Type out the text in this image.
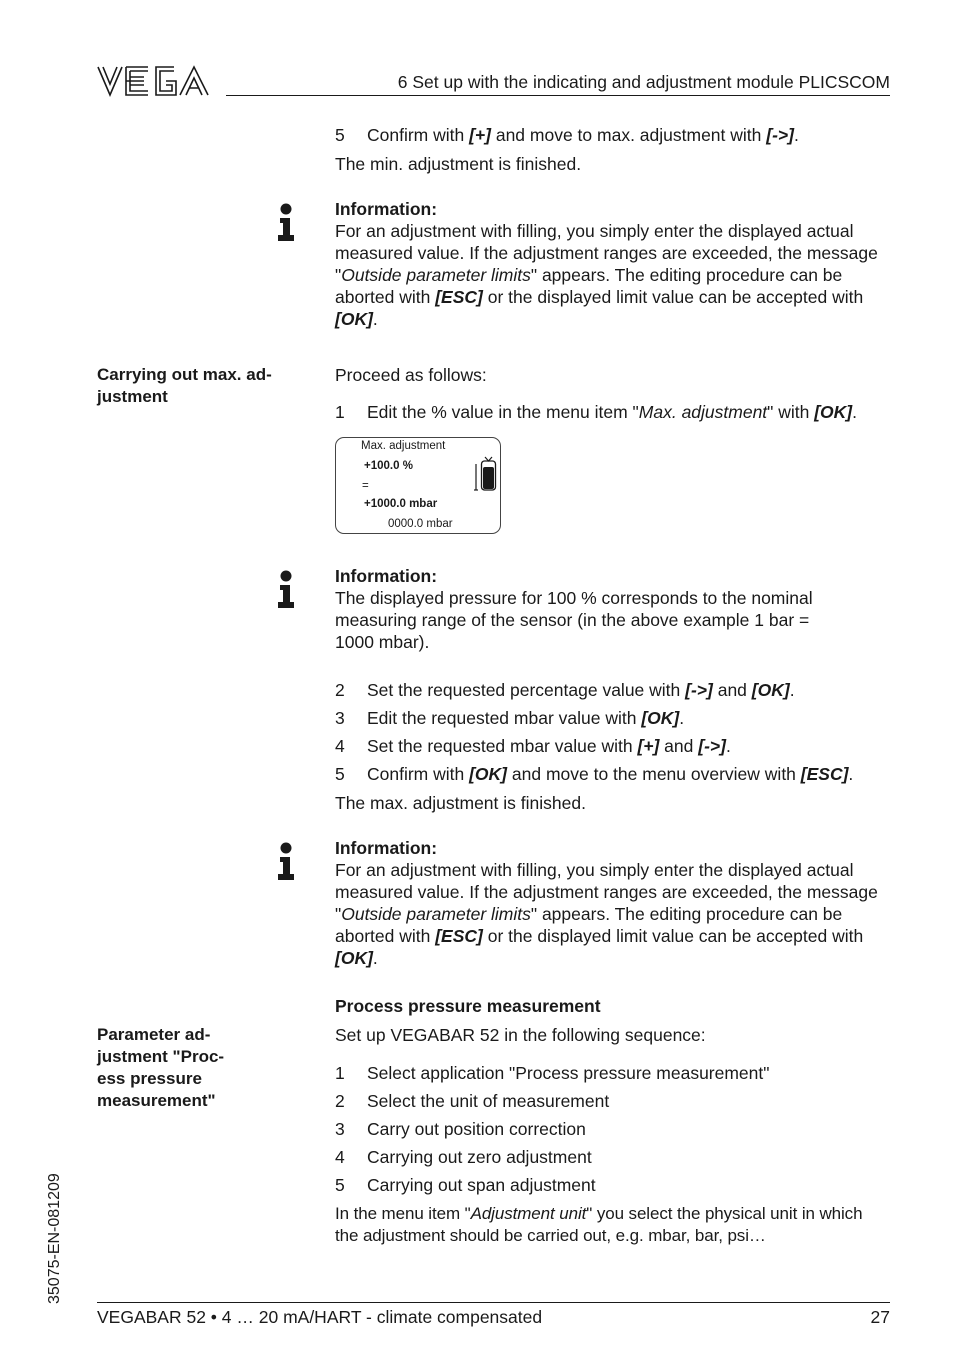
6 Set up with the indicating and adjustment module PLICSCOM
5 Confirm with [+] and move to max. adjustment with [->].
The min. adjustment is finished.
Information:
For an adjustment with filling, you simply enter the displayed actual
measured value. If the adjustment ranges are exceeded, the message
"Outside parameter limits" appears. The editing procedure can be
aborted with [ESC] or the displayed limit value can be accepted with
[OK].
Carrying out max. ad-
justment
Proceed as follows:
1 Edit the % value in the menu item "Max. adjustment" with [OK].
Max. adjustment
+100.0 %
=
+1000.0 mbar
0000.0 mbar
Information:
The displayed pressure for 100 % corresponds to the nominal
measuring range of the sensor (in the above example 1 bar =
1000 mbar).
2 Set the requested percentage value with [->] and [OK].
3 Edit the requested mbar value with [OK].
4 Set the requested mbar value with [+] and [->].
5 Confirm with [OK] and move to the menu overview with [ESC].
The max. adjustment is finished.
Information:
For an adjustment with filling, you simply enter the displayed actual
measured value. If the adjustment ranges are exceeded, the message
"Outside parameter limits" appears. The editing procedure can be
aborted with [ESC] or the displayed limit value can be accepted with
[OK].
Process pressure measurement
Parameter ad-
justment "Proc-
ess pressure
measurement"
Set up VEGABAR 52 in the following sequence:
1 Select application "Process pressure measurement"
2 Select the unit of measurement
3 Carry out position correction
4 Carrying out zero adjustment
5 Carrying out span adjustment
In the menu item "Adjustment unit" you select the physical unit in which
the adjustment should be carried out, e.g. mbar, bar, psi…
35075-EN-081209
VEGABAR 52 • 4 … 20 mA/HART - climate compensated	27
